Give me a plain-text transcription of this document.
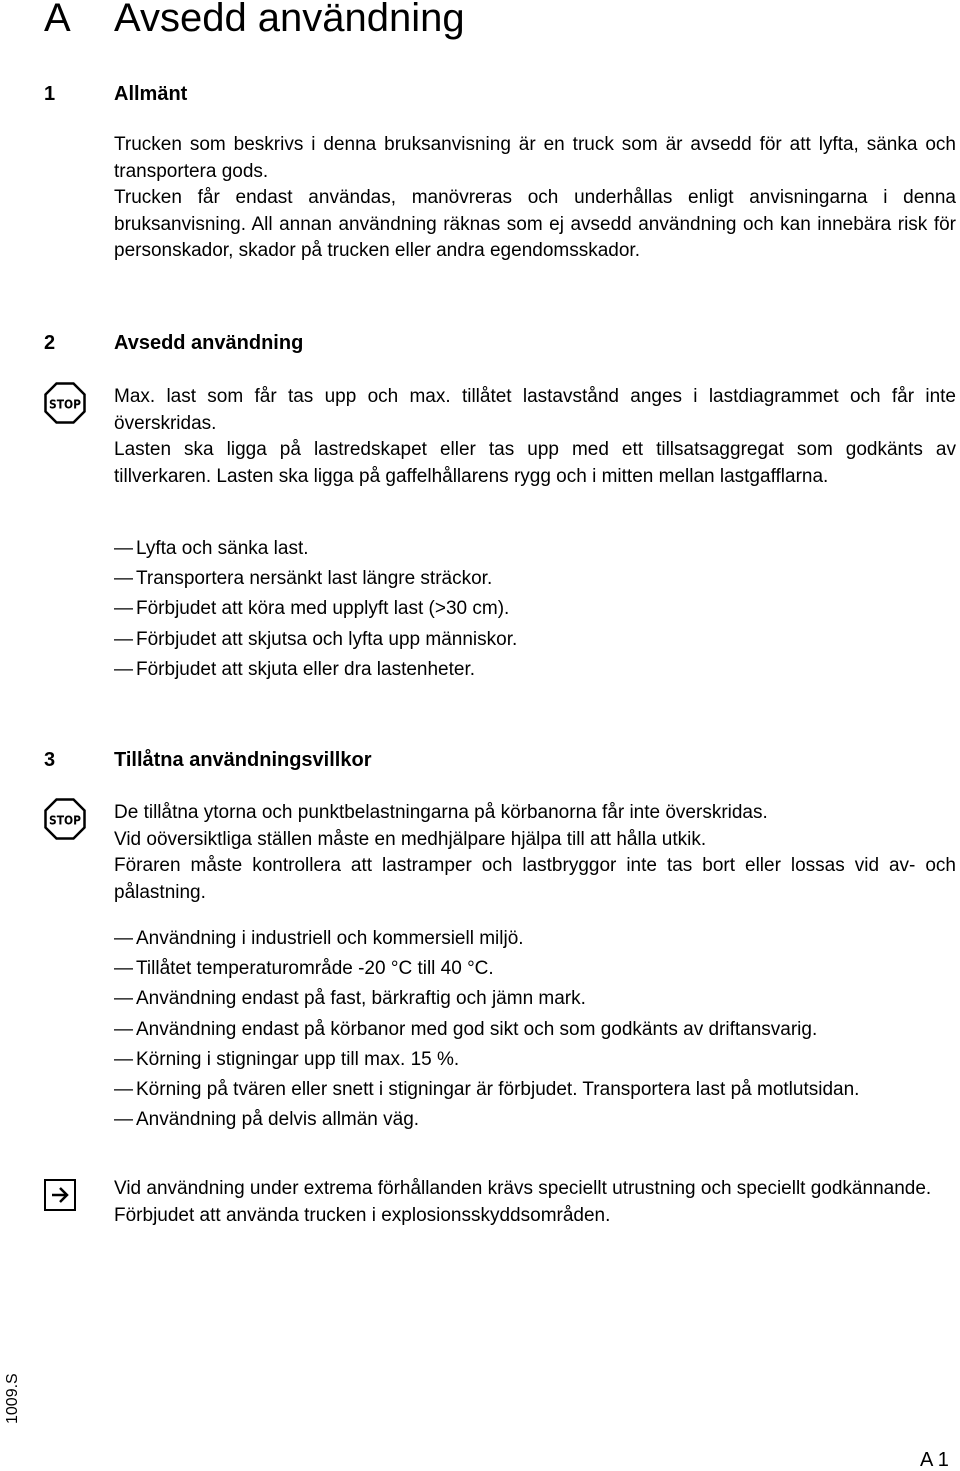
A Avsedd användning
1	Allmänt

Trucken som beskrivs i denna bruksanvisning är en truck som är avsedd för att lyfta, sänka och transportera gods.

Trucken får endast användas, manövreras och underhållas enligt anvisningarna i denna bruksanvisning. All annan användning räknas som ej avsedd användning och kan innebära risk för personskador, skador på trucken eller andra egendomsskador.

2	Avsedd användning
STOP Max. last som får tas upp och max. tillåtet lastavstånd anges i lastdiagrammet och får inte överskridas.

Lasten ska ligga på lastredskapet eller tas upp med ett tillsatsaggregat som godkänts av tillverkaren. Lasten ska ligga på gaffelhållarens rygg och i mitten mellan lastgafflarna.

— Lyfta och sänka last.
— Transportera nersänkt last längre sträckor.
— Förbjudet att köra med upplyft last (>30 cm).
— Förbjudet att skjutsa och lyfta upp människor.
— Förbjudet att skjuta eller dra lastenheter.
3	Tillåtna användningsvillkor
STOP De tillåtna ytorna och punktbelastningarna på körbanorna får inte överskridas.

Vid oöversiktliga ställen måste en medhjälpare hjälpa till att hålla utkik.

Föraren måste kontrollera att lastramper och lastbryggor inte tas bort eller lossas vid av- och pålastning.

— Användning i industriell och kommersiell miljö.
— Tillåtet temperaturområde -20 °C till 40 °C.
— Användning endast på fast, bärkraftig och jämn mark.
— Användning endast på körbanor med god sikt och som godkänts av driftansvarig.
— Körning i stigningar upp till max. 15 %.
— Körning på tvären eller snett i stigningar är förbjudet. Transportera last på motlutsidan.
— Användning på delvis allmän väg.

Vid användning under extrema förhållanden krävs speciellt utrustning och speciellt godkännande.

Förbjudet att använda trucken i explosionsskyddsområden.

1009.S
A 1
